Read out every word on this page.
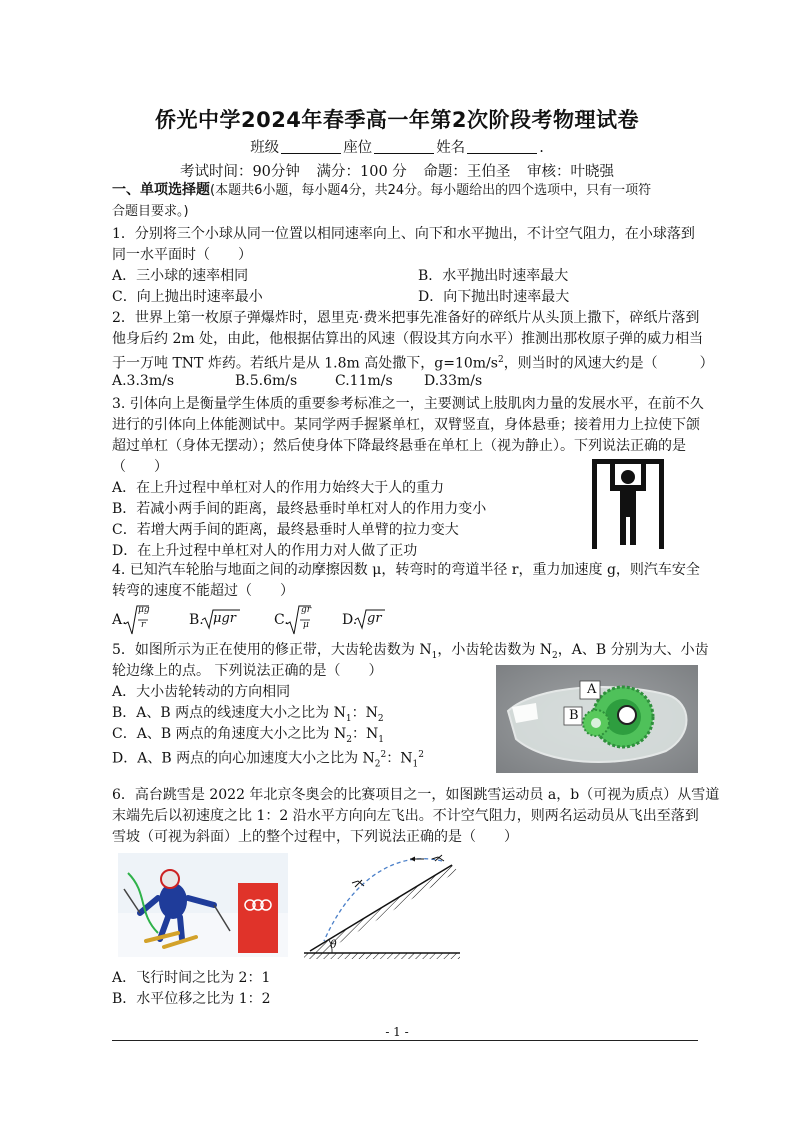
侨光中学2024年春季高一年第2次阶段考物理试卷
班级	座位	姓名	.
考试时间：90分钟 满分：100 分 命题：王伯圣 审核：叶晓强
一、单项选择题(本题共6小题，每小题4分，共24分。每小题给出的四个选项中，只有一项符
合题目要求。)
1．分别将三个小球从同一位置以相同速率向上、向下和水平抛出，不计空气阻力，在小球落到
同一水平面时（　　）
A．三小球的速率相同	B．水平抛出时速率最大
C．向上抛出时速率最小	D．向下抛出时速率最大
2．世界上第一枚原子弹爆炸时，恩里克·费米把事先准备好的碎纸片从头顶上撒下，碎纸片落到
他身后约 2m 处，由此，他根据估算出的风速（假设其方向水平）推测出那枚原子弹的威力相当
于一万吨 TNT 炸药。若纸片是从 1.8m 高处撒下，$g=10m/s^2$，则当时的风速大约是（　　　）
A.3.3m/s	B.5.6m/s	C.11m/s D.33m/s
3. 引体向上是衡量学生体质的重要参考标准之一，主要测试上肢肌肉力量的发展水平，在前不久
进行的引体向上体能测试中。某同学两手握紧单杠，双臂竖直，身体悬垂；接着用力上拉使下颌
超过单杠（身体无摆动）；然后使身体下降最终悬垂在单杠上（视为静止）。下列说法正确的是
（　　）
A．在上升过程中单杠对人的作用力始终大于人的重力
B．若减小两手间的距离，最终悬垂时单杠对人的作用力变小
C．若增大两手间的距离，最终悬垂时人单臂的拉力变大
D．在上升过程中单杠对人的作用力对人做了正功
4. 已知汽车轮胎与地面之间的动摩擦因数 μ，转弯时的弯道半径 r，重力加速度 g，则汽车安全
转弯的速度不能超过（　　）
A.
μg
r	B. μgr	C.
gr
μ D. gr
5．如图所示为正在使用的修正带，大齿轮齿数为 $N_1$，小齿轮齿数为 $N_2$，A、B 分别为大、小齿
轮边缘上的点。 下列说法正确的是（　　）
A．大小齿轮转动的方向相同
B．A、B 两点的线速度大小之比为 $N_1$：$N_2$
C．A、B 两点的角速度大小之比为 $N_2$：$N_1$
D．A、B 两点的向心加速度大小之比为 $N_2^2$：$N_1^2$
A
B
6．高台跳雪是 2022 年北京冬奥会的比赛项目之一，如图跳雪运动员 a，b（可视为质点）从雪道
末端先后以初速度之比 1：2 沿水平方向向左飞出。不计空气阻力，则两名运动员从飞出至落到
雪坡（可视为斜面）上的整个过程中，下列说法正确的是（　　）
θ
A．飞行时间之比为 2：1
B．水平位移之比为 1：2
- 1 -
